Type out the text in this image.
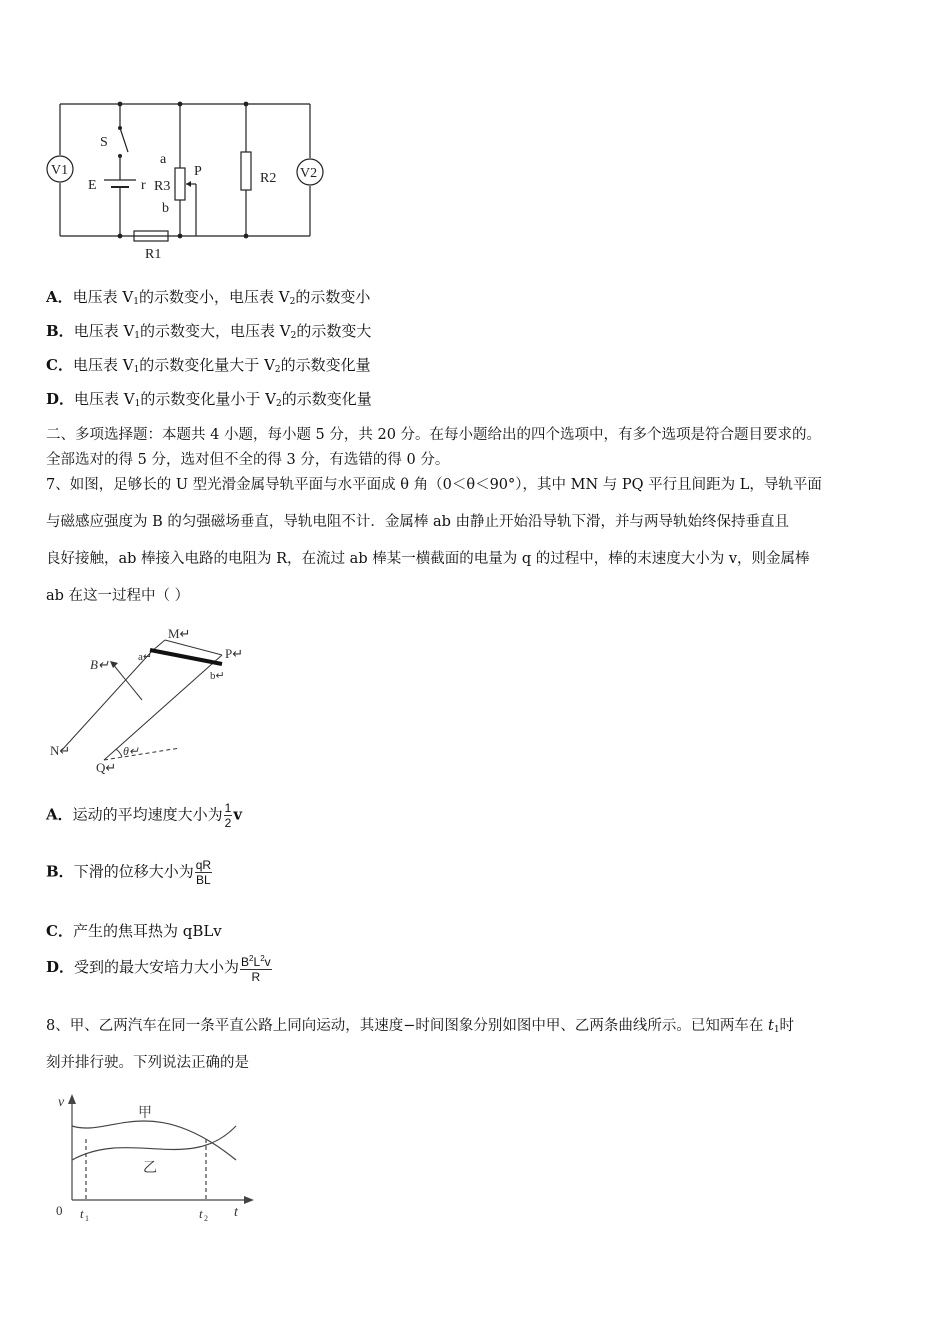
V1	V2
S
E	r
a
b
P
R3
R2
R1
A．电压表 $V_1$的示数变小，电压表 $V_2$的示数变小
B．电压表 $V_1$的示数变大，电压表 $V_2$的示数变大
C．电压表 $V_1$的示数变化量大于 $V_2$的示数变化量
D．电压表 $V_1$的示数变化量小于 $V_2$的示数变化量
二、多项选择题：本题共 4 小题，每小题 5 分，共 20 分。在每小题给出的四个选项中，有多个选项是符合题目要求的。
全部选对的得 5 分，选对但不全的得 3 分，有选错的得 0 分。
7、如图，足够长的 U 型光滑金属导轨平面与水平面成 θ 角（0＜θ＜90°），其中 MN 与 PQ 平行且间距为 L，导轨平面
与磁感应强度为 B 的匀强磁场垂直，导轨电阻不计．金属棒 ab 由静止开始沿导轨下滑，并与两导轨始终保持垂直且
良好接触，ab 棒接入电路的电阻为 R，在流过 ab 棒某一横截面的电量为 q 的过程中，棒的末速度大小为 v，则金属棒
ab 在这一过程中（ ）
M↵
P↵
a↵
b↵
B↵
N↵
Q↵
θ↵
A．运动的平均速度大小为 $\frac{1}{2}$ v
B．下滑的位移大小为 $\frac{qR}{BL}$
C．产生的焦耳热为 qBLv
D．受到的最大安培力大小为 $\frac{B^2L^2v}{R}$
8、甲、乙两汽车在同一条平直公路上同向运动，其速度−时间图象分别如图中甲、乙两条曲线所示。已知两车在 $t_1$时
刻并排行驶。下列说法正确的是
v
0	t
t 1	t 2
甲
乙
